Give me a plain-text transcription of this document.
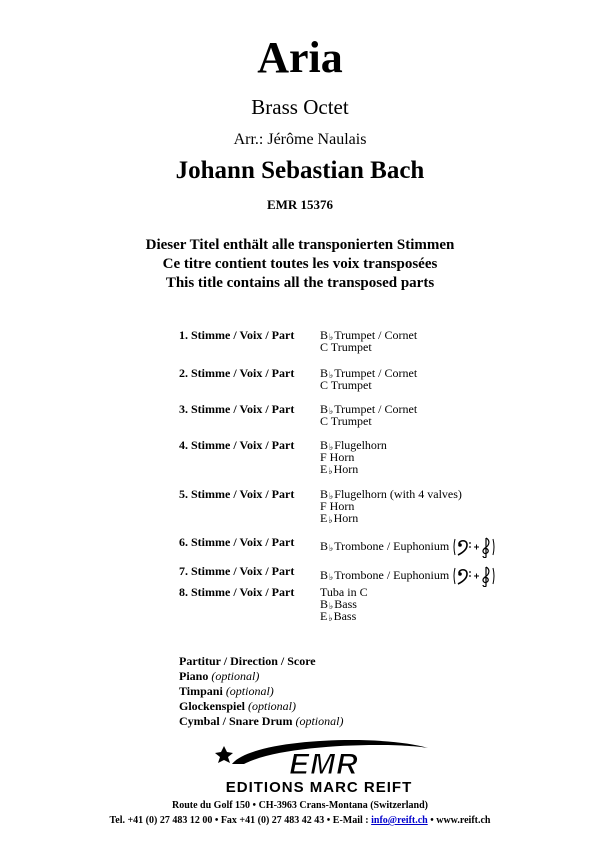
Aria
Brass Octet
Arr.: Jérôme Naulais
Johann Sebastian Bach
EMR 15376
Dieser Titel enthält alle transponierten Stimmen
Ce titre contient toutes les voix transposées
This title contains all the transposed parts
1. Stimme / Voix / Part B♭Trumpet / Cornet
C Trumpet
2. Stimme / Voix / Part B♭Trumpet / Cornet
C Trumpet
3. Stimme / Voix / Part B♭Trumpet / Cornet
C Trumpet
4. Stimme / Voix / Part B♭Flugelhorn
F Horn
E♭Horn
5. Stimme / Voix / Part B♭Flugelhorn (with 4 valves)
F Horn
E♭Horn
6. Stimme / Voix / Part B♭Trombone / Euphonium
7. Stimme / Voix / Part B♭Trombone / Euphonium
8. Stimme / Voix / Part Tuba in C
B♭Bass
E♭Bass
Partitur / Direction / Score
Piano (optional)
Timpani (optional)
Glockenspiel (optional)
Cymbal / Snare Drum (optional)
EMR
EDITIONS MARC REIFT
Route du Golf 150 • CH-3963 Crans-Montana (Switzerland)
Tel. +41 (0) 27 483 12 00 • Fax +41 (0) 27 483 42 43 • E-Mail : info@reift.ch • www.reift.ch
